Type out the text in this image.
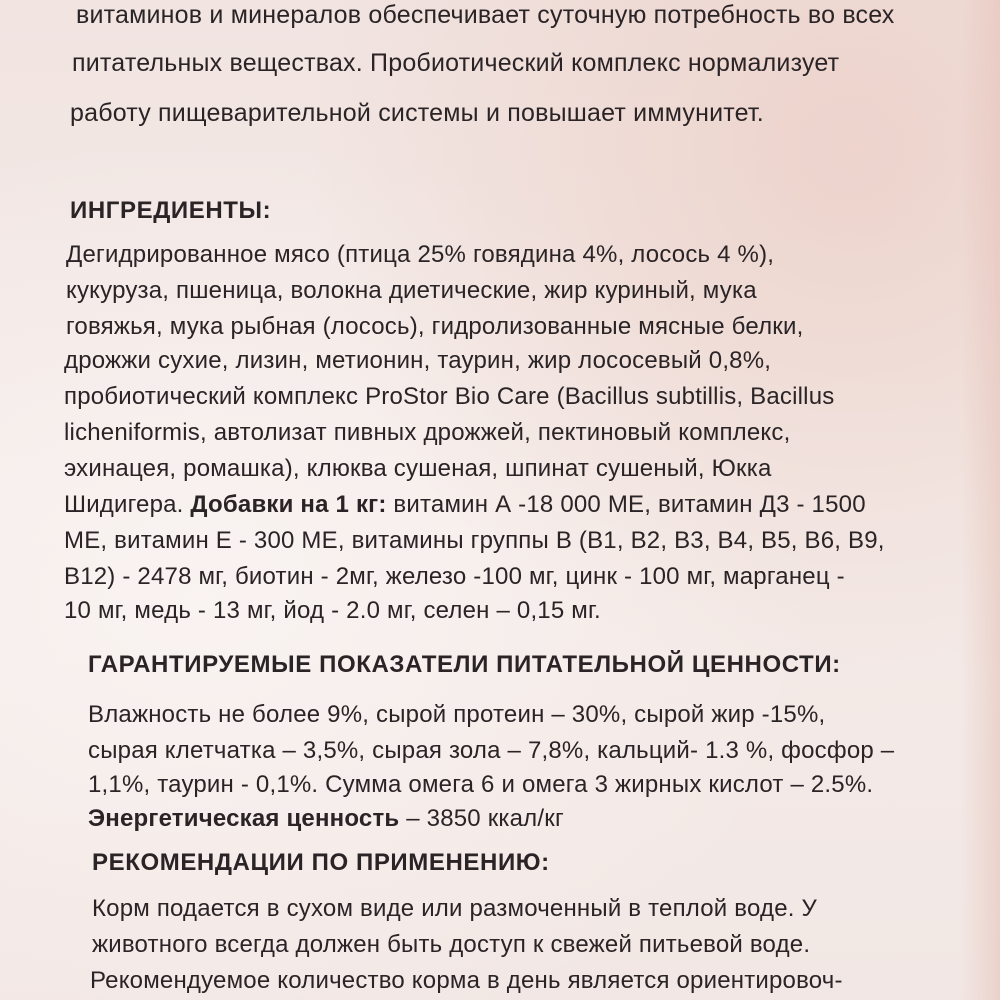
витаминов и минералов обеспечивает суточную потребность во всех
питательных веществах. Пробиотический комплекс нормализует
работу пищеварительной системы и повышает иммунитет.
ИНГРЕДИЕНТЫ:
Дегидрированное мясо (птица 25% говядина 4%, лосось 4 %),
кукуруза, пшеница, волокна диетические, жир куриный, мука
говяжья, мука рыбная (лосось), гидролизованные мясные белки,
дрожжи сухие, лизин, метионин, таурин, жир лососевый 0,8%,
пробиотический комплекс ProStor Bio Care (Bacillus subtillis, Bacillus
licheniformis, автолизат пивных дрожжей, пектиновый комплекс,
эхинацея, ромашка), клюква сушеная, шпинат сушеный, Юкка
Шидигера. Добавки на 1 кг: витамин А -18 000 МЕ, витамин Д3 - 1500
МЕ, витамин Е - 300 МЕ, витамины группы В (В1, В2, В3, В4, В5, В6, В9,
В12) - 2478 мг, биотин - 2мг, железо -100 мг, цинк - 100 мг, марганец -
10 мг, медь - 13 мг, йод - 2.0 мг, селен – 0,15 мг.
ГАРАНТИРУЕМЫЕ ПОКАЗАТЕЛИ ПИТАТЕЛЬНОЙ ЦЕННОСТИ:
Влажность не более 9%, сырой протеин – 30%, сырой жир -15%,
сырая клетчатка – 3,5%, сырая зола – 7,8%, кальций- 1.3 %, фосфор –
1,1%, таурин - 0,1%. Сумма омега 6 и омега 3 жирных кислот – 2.5%.
Энергетическая ценность – 3850 ккал/кг
РЕКОМЕНДАЦИИ ПО ПРИМЕНЕНИЮ:
Корм подается в сухом виде или размоченный в теплой воде. У
животного всегда должен быть доступ к свежей питьевой воде.
Рекомендуемое количество корма в день является ориентировоч-
